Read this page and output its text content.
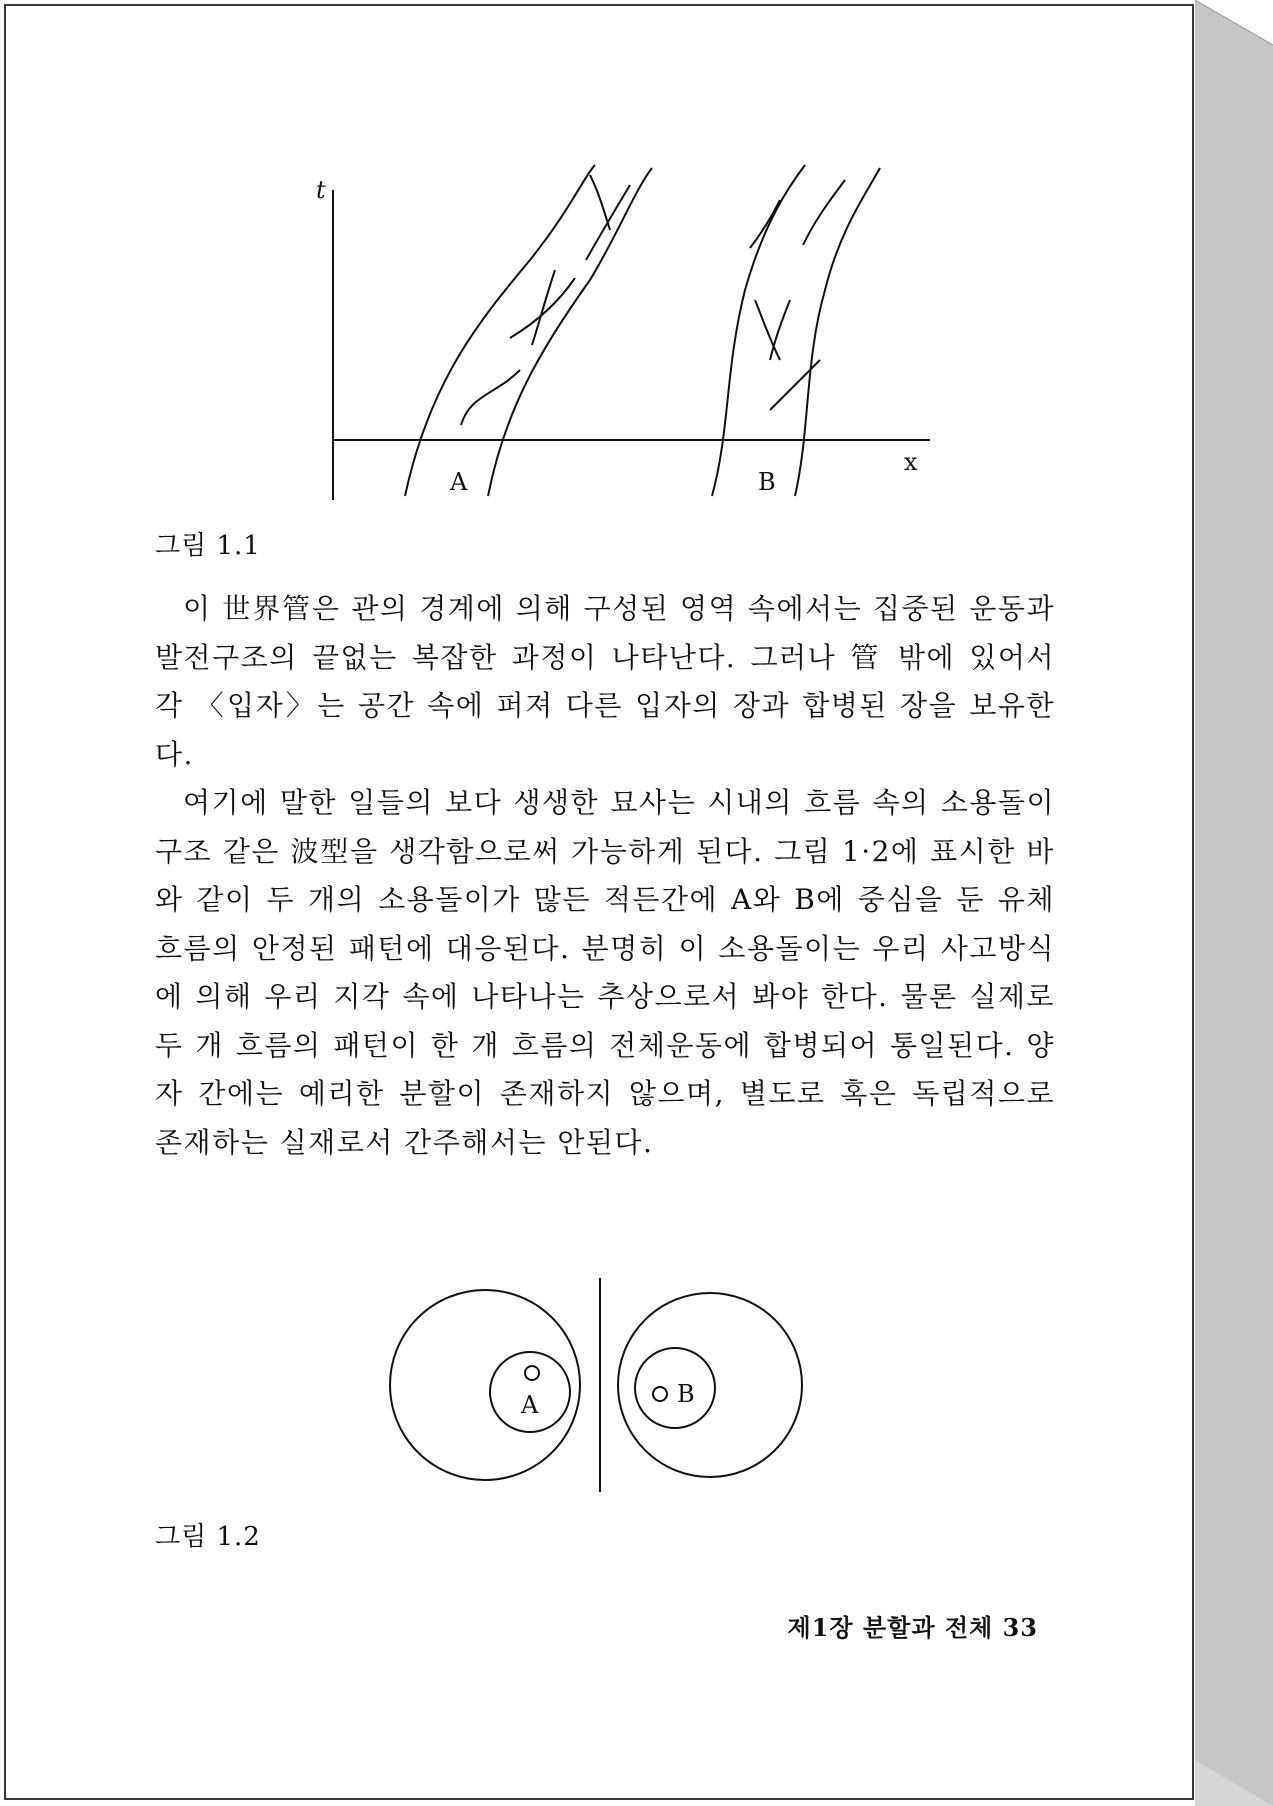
t
x
A	B
그림 1.1

이 世界管은 관의 경계에 의해 구성된 영역 속에서는 집중된 운동과 발전구조의 끝없는 복잡한 과정이 나타난다. 그러나 管 밖에 있어서 각 〈입자〉는 공간 속에 퍼져 다른 입자의 장과 합병된 장을 보유한다.

여기에 말한 일들의 보다 생생한 묘사는 시내의 흐름 속의 소용돌이 구조 같은 波型을 생각함으로써 가능하게 된다. 그림 1·2에 표시한 바와 같이 두 개의 소용돌이가 많든 적든간에 A와 B에 중심을 둔 유체흐름의 안정된 패턴에 대응된다. 분명히 이 소용돌이는 우리 사고방식에 의해 우리 지각 속에 나타나는 추상으로서 봐야 한다. 물론 실제로 두 개 흐름의 패턴이 한 개 흐름의 전체운동에 합병되어 통일된다. 양자 간에는 예리한 분할이 존재하지 않으며, 별도로 혹은 독립적으로 존재하는 실재로서 간주해서는 안된다.

A	B
그림 1.2
제1장 분할과 전체 33
